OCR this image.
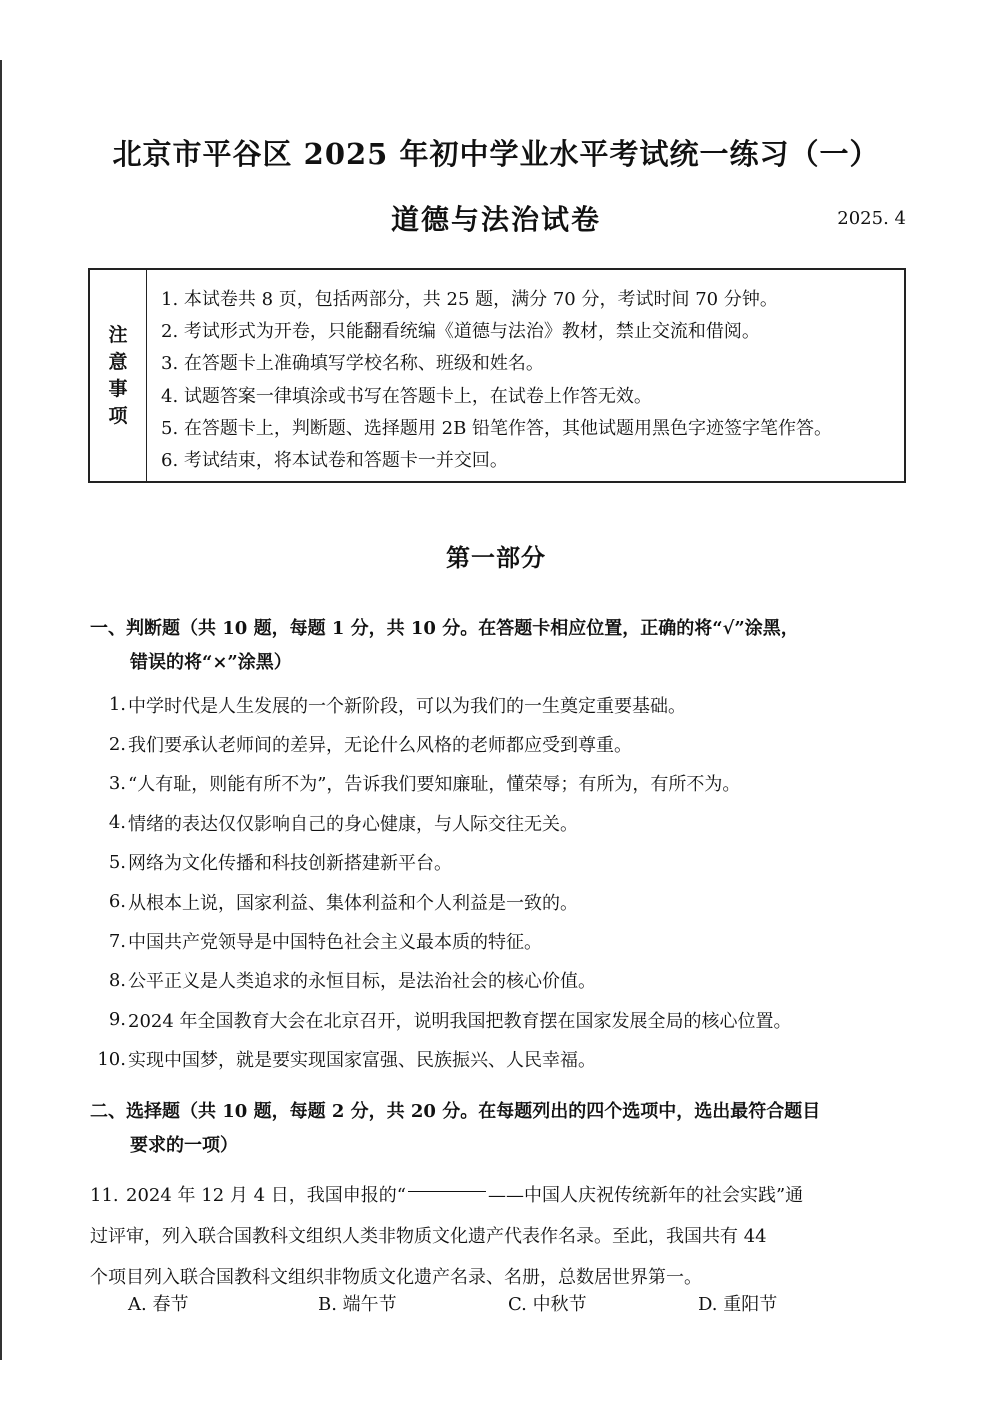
北京市平谷区 2025 年初中学业水平考试统一练习（一）
道德与法治试卷	2025. 4
注
意
事
项
1. 本试卷共 8 页，包括两部分，共 25 题，满分 70 分，考试时间 70 分钟。
2. 考试形式为开卷，只能翻看统编《道德与法治》教材，禁止交流和借阅。
3. 在答题卡上准确填写学校名称、班级和姓名。
4. 试题答案一律填涂或书写在答题卡上，在试卷上作答无效。
5. 在答题卡上，判断题、选择题用 2B 铅笔作答，其他试题用黑色字迹签字笔作答。
6. 考试结束，将本试卷和答题卡一并交回。
第一部分
一、判断题（共 10 题，每题 1 分，共 10 分。在答题卡相应位置，正确的将“√”涂黑，
错误的将“×”涂黑）
1. 中学时代是人生发展的一个新阶段，可以为我们的一生奠定重要基础。
2. 我们要承认老师间的差异，无论什么风格的老师都应受到尊重。
3. “人有耻，则能有所不为”，告诉我们要知廉耻，懂荣辱；有所为，有所不为。
4. 情绪的表达仅仅影响自己的身心健康，与人际交往无关。
5. 网络为文化传播和科技创新搭建新平台。
6. 从根本上说，国家利益、集体利益和个人利益是一致的。
7. 中国共产党领导是中国特色社会主义最本质的特征。
8. 公平正义是人类追求的永恒目标，是法治社会的核心价值。
9. 2024 年全国教育大会在北京召开，说明我国把教育摆在国家发展全局的核心位置。
10. 实现中国梦，就是要实现国家富强、民族振兴、人民幸福。
二、选择题（共 10 题，每题 2 分，共 20 分。在每题列出的四个选项中，选出最符合题目
要求的一项）
11. 2024 年 12 月 4 日，我国申报的“	——中国人庆祝传统新年的社会实践”通
过评审，列入联合国教科文组织人类非物质文化遗产代表作名录。至此，我国共有 44
个项目列入联合国教科文组织非物质文化遗产名录、名册，总数居世界第一。
A. 春节	B. 端午节	C. 中秋节	D. 重阳节
